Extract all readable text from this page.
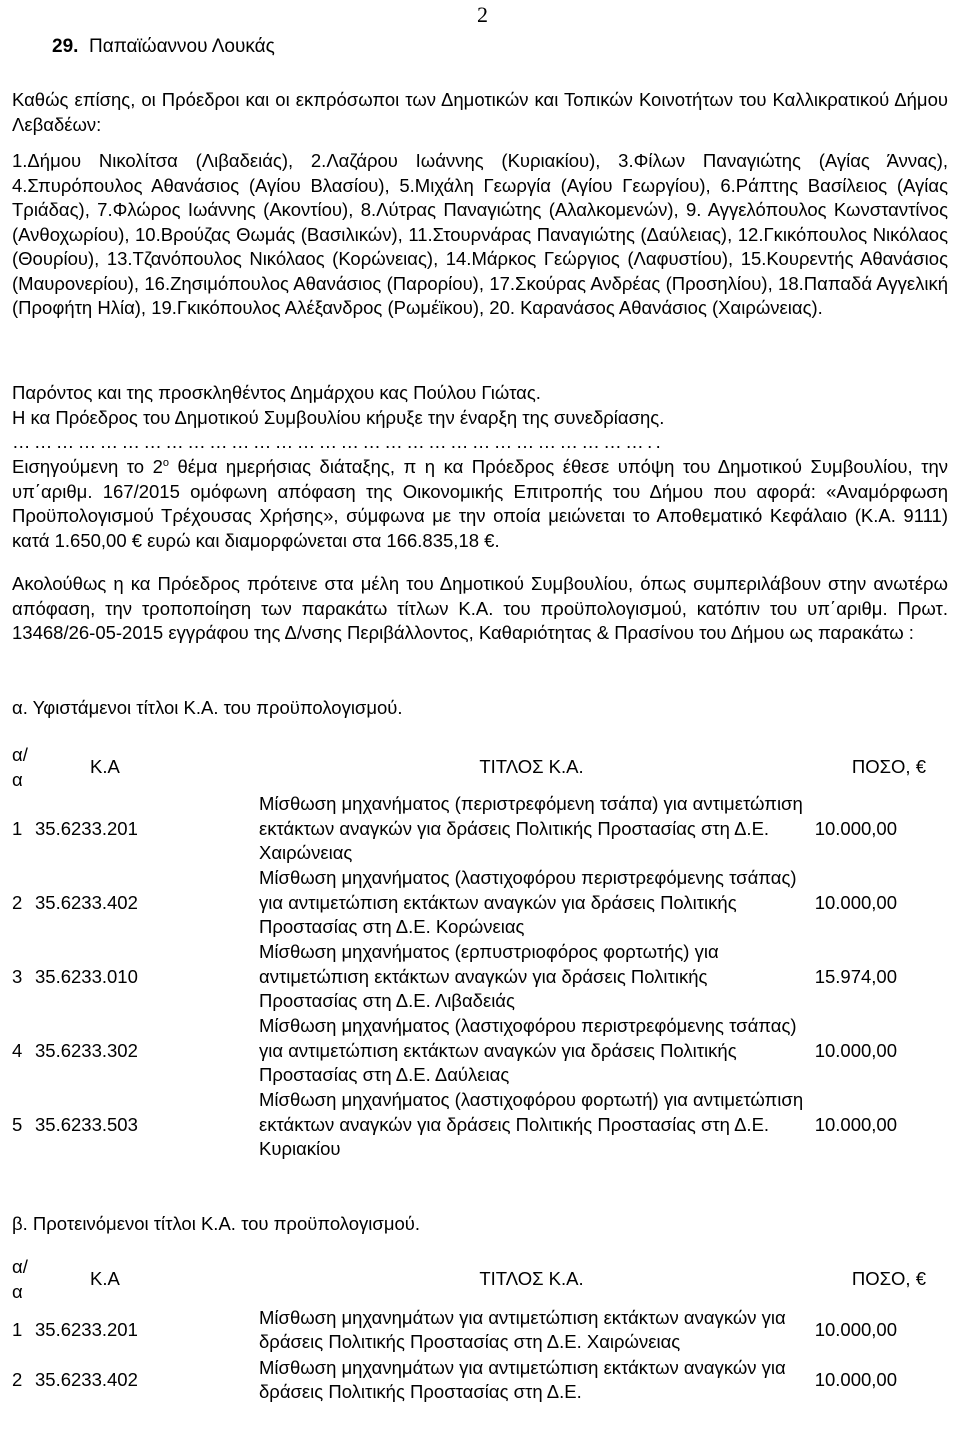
2
29. Παπαϊώαννου Λουκάς
Καθώς επίσης, οι Πρόεδροι και οι εκπρόσωποι των Δημοτικών και Τοπικών Κοινοτήτων του Καλλικρατικού Δήμου Λεβαδέων:
1.Δήμου Νικολίτσα (Λιβαδειάς), 2.Λαζάρου Ιωάννης (Κυριακίου), 3.Φίλων Παναγιώτης (Αγίας Άννας), 4.Σπυρόπουλος Αθανάσιος (Αγίου Βλασίου), 5.Μιχάλη Γεωργία (Αγίου Γεωργίου), 6.Ράπτης Βασίλειος (Αγίας Τριάδας), 7.Φλώρος Ιωάννης (Ακοντίου), 8.Λύτρας Παναγιώτης (Αλαλκομενών), 9. Αγγελόπουλος Κωνσταντίνος (Ανθοχωρίου), 10.Βρούζας Θωμάς (Βασιλικών), 11.Στουρνάρας Παναγιώτης (Δαύλειας), 12.Γκικόπουλος Νικόλαος (Θουρίου), 13.Τζανόπουλος Νικόλαος (Κορώνειας), 14.Μάρκος Γεώργιος (Λαφυστίου), 15.Κουρεντής Αθανάσιος (Μαυρονερίου), 16.Ζησιμόπουλος Αθανάσιος (Παρορίου), 17.Σκούρας Ανδρέας (Προσηλίου), 18.Παπαδά Αγγελική (Προφήτη Ηλία), 19.Γκικόπουλος Αλέξανδρος (Ρωμέϊκου), 20. Καρανάσος Αθανάσιος (Χαιρώνειας).
Παρόντος και της προσκληθέντος Δημάρχου κας Πούλου Γιώτας.
Η κα Πρόεδρος του Δημοτικού Συμβουλίου κήρυξε την έναρξη της συνεδρίασης.
……………………………………………………………………………..
Εισηγούμενη το $2^o$ θέμα ημερήσιας διάταξης, π η κα Πρόεδρος έθεσε υπόψη του Δημοτικού Συμβουλίου, την υπ΄αριθμ. 167/2015 ομόφωνη απόφαση της Οικονομικής Επιτροπής του Δήμου που αφορά: «Αναμόρφωση Προϋπολογισμού Τρέχουσας Χρήσης», σύμφωνα με την οποία μειώνεται το Αποθεματικό Κεφάλαιο (Κ.Α. 9111) κατά 1.650,00 € ευρώ και διαμορφώνεται στα 166.835,18 €.
Ακολούθως η κα Πρόεδρος πρότεινε στα μέλη του Δημοτικού Συμβουλίου, όπως συμπεριλάβουν στην ανωτέρω απόφαση, την τροποποίηση των παρακάτω τίτλων Κ.Α. του προϋπολογισμού, κατόπιν του υπ΄αριθμ. Πρωτ. 13468/26-05-2015 εγγράφου της Δ/νσης Περιβάλλοντος, Καθαριότητας & Πρασίνου του Δήμου ως παρακάτω :
α. Υφιστάμενοι τίτλοι Κ.Α. του προϋπολογισμού.
α/
α	Κ.Α	ΤΙΤΛΟΣ Κ.Α.	ΠΟΣΟ, €
1	35.6233.201	Μίσθωση μηχανήματος (περιστρεφόμενη τσάπα) για αντιμετώπιση εκτάκτων αναγκών για δράσεις Πολιτικής Προστασίας στη Δ.Ε. Χαιρώνειας	10.000,00
2	35.6233.402	Μίσθωση μηχανήματος (λαστιχοφόρου περιστρεφόμενης τσάπας) για αντιμετώπιση εκτάκτων αναγκών για δράσεις Πολιτικής Προστασίας στη Δ.Ε. Κορώνειας	10.000,00
3	35.6233.010	Μίσθωση μηχανήματος (ερπυστριοφόρος φορτωτής) για αντιμετώπιση εκτάκτων αναγκών για δράσεις Πολιτικής Προστασίας στη Δ.Ε. Λιβαδειάς	15.974,00
4	35.6233.302	Μίσθωση μηχανήματος (λαστιχοφόρου περιστρεφόμενης τσάπας) για αντιμετώπιση εκτάκτων αναγκών για δράσεις Πολιτικής Προστασίας στη Δ.Ε. Δαύλειας	10.000,00
5	35.6233.503	Μίσθωση μηχανήματος (λαστιχοφόρου φορτωτή) για αντιμετώπιση εκτάκτων αναγκών για δράσεις Πολιτικής Προστασίας στη Δ.Ε. Κυριακίου	10.000,00
β. Προτεινόμενοι τίτλοι Κ.Α. του προϋπολογισμού.
α/
α	Κ.Α	ΤΙΤΛΟΣ Κ.Α.	ΠΟΣΟ, €
1	35.6233.201	Μίσθωση μηχανημάτων για αντιμετώπιση εκτάκτων αναγκών για δράσεις Πολιτικής Προστασίας στη Δ.Ε. Χαιρώνειας	10.000,00
2	35.6233.402	Μίσθωση μηχανημάτων για αντιμετώπιση εκτάκτων αναγκών για δράσεις Πολιτικής Προστασίας στη Δ.Ε.	10.000,00
